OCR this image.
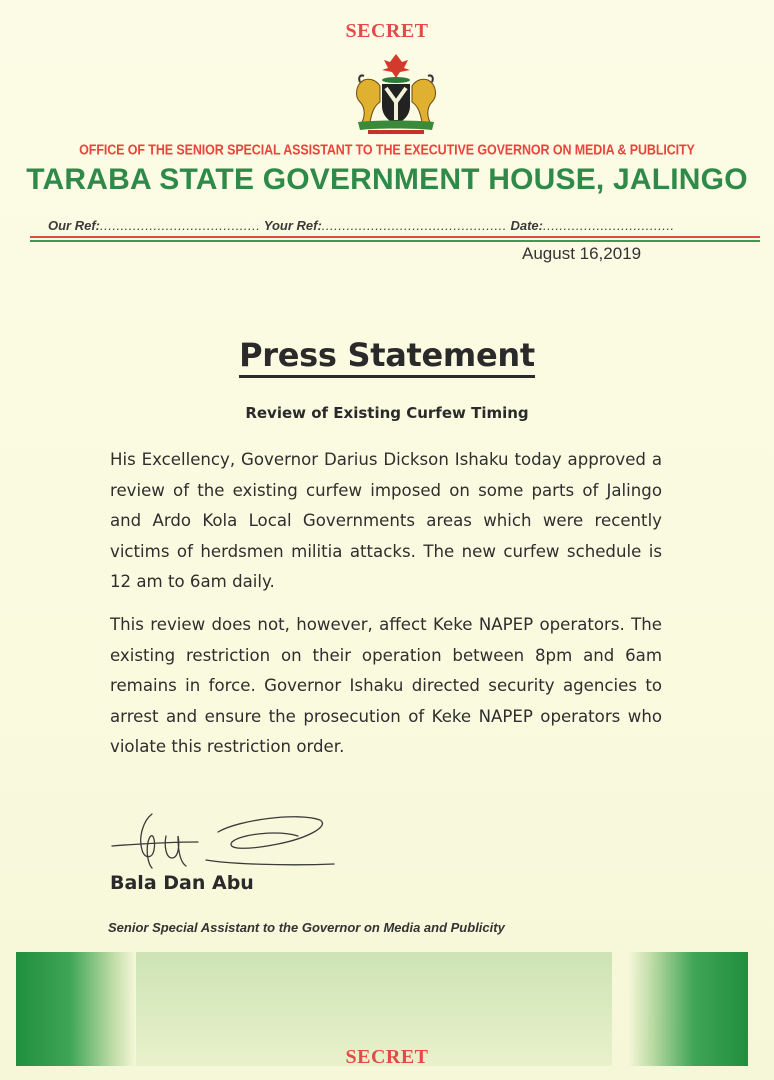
SECRET
OFFICE OF THE SENIOR SPECIAL ASSISTANT TO THE EXECUTIVE GOVERNOR ON MEDIA & PUBLICITY
TARABA STATE GOVERNMENT HOUSE, JALINGO
Our Ref:....................................... Your Ref:............................................. Date:................................
August 16,2019
Press Statement
Review of Existing Curfew Timing

His Excellency, Governor Darius Dickson Ishaku today approved a review of the existing curfew imposed on some parts of Jalingo and Ardo Kola Local Governments areas which were recently victims of herdsmen militia attacks. The new curfew schedule is 12 am to 6am daily.

This review does not, however, affect Keke NAPEP operators. The existing restriction on their operation between 8pm and 6am remains in force. Governor Ishaku directed security agencies to arrest and ensure the prosecution of Keke NAPEP operators who violate this restriction order.

Bala Dan Abu
Senior Special Assistant to the Governor on Media and Publicity
SECRET
